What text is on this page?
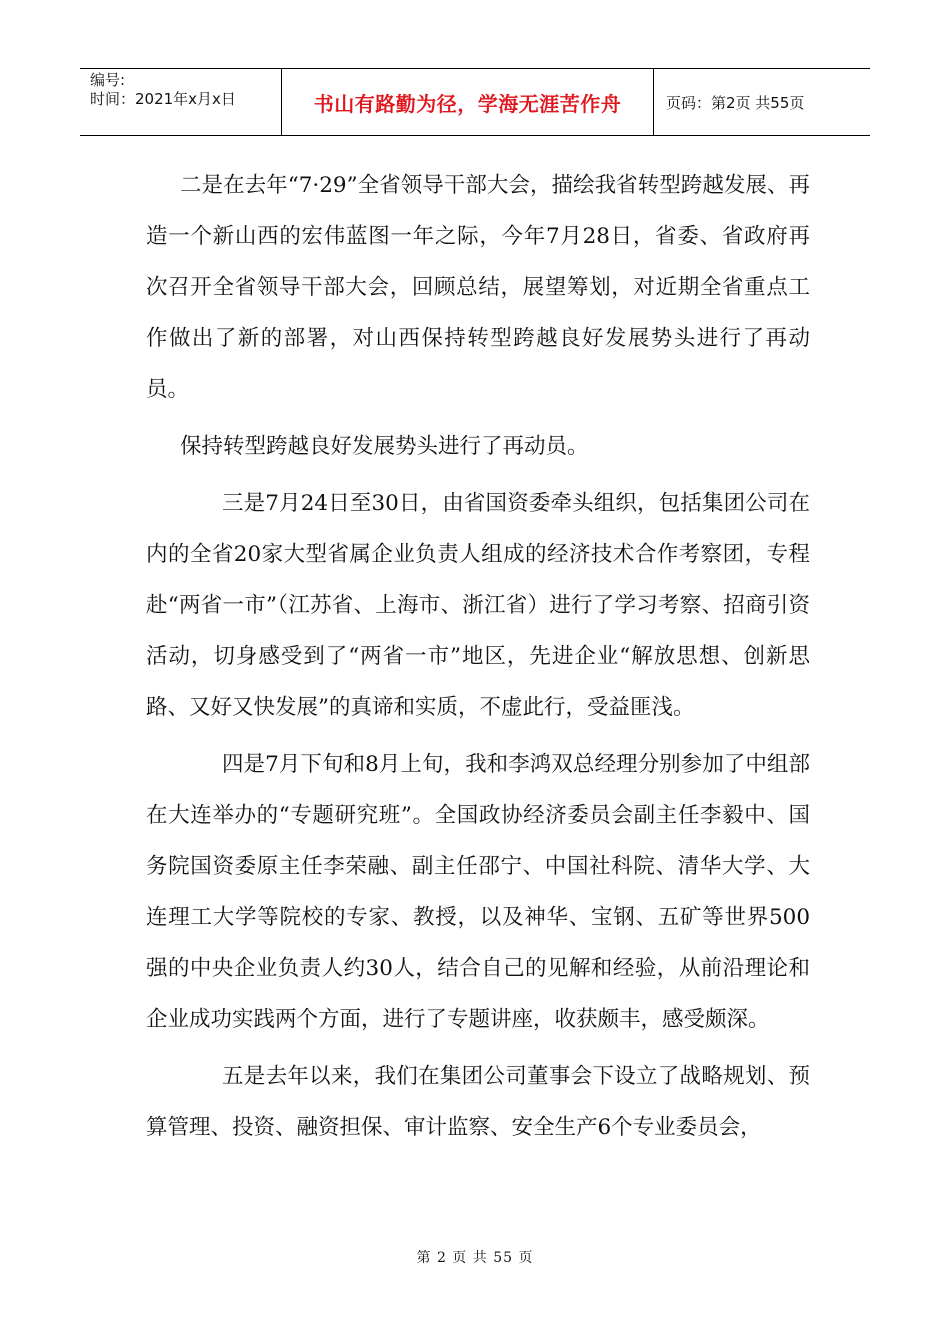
编号:
时间：2021年x月x日	书山有路勤为径，学海无涯苦作舟	页码：第2页 共55页

二是在去年“7·29”全省领导干部大会，描绘我省转型跨越发展、再造一个新山西的宏伟蓝图一年之际，今年7月28日，省委、省政府再次召开全省领导干部大会，回顾总结，展望筹划，对近期全省重点工作做出了新的部署，对山西保持转型跨越良好发展势头进行了再动员。

保持转型跨越良好发展势头进行了再动员。

三是7月24日至30日，由省国资委牵头组织，包括集团公司在内的全省20家大型省属企业负责人组成的经济技术合作考察团，专程赴“两省一市”（江苏省、上海市、浙江省）进行了学习考察、招商引资活动，切身感受到了“两省一市”地区，先进企业“解放思想、创新思路、又好又快发展”的真谛和实质，不虚此行，受益匪浅。

四是7月下旬和8月上旬，我和李鸿双总经理分别参加了中组部在大连举办的“专题研究班”。全国政协经济委员会副主任李毅中、国务院国资委原主任李荣融、副主任邵宁、中国社科院、清华大学、大连理工大学等院校的专家、教授，以及神华、宝钢、五矿等世界500强的中央企业负责人约30人，结合自己的见解和经验，从前沿理论和企业成功实践两个方面，进行了专题讲座，收获颇丰，感受颇深。

五是去年以来，我们在集团公司董事会下设立了战略规划、预算管理、投资、融资担保、审计监察、安全生产6个专业委员会，

第 2 页 共 55 页
